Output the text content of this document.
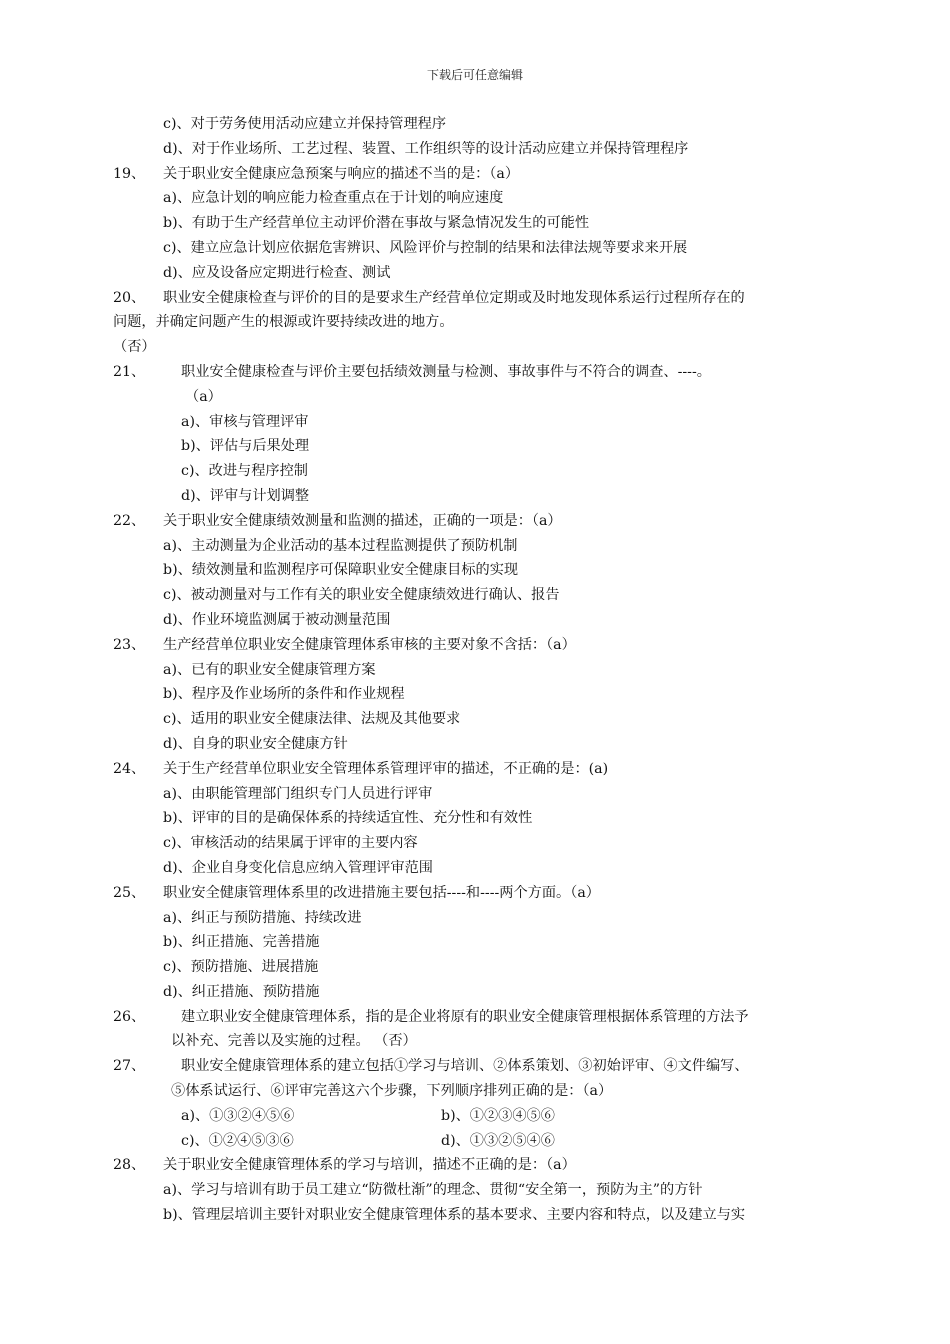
下载后可任意编辑
c)、对于劳务使用活动应建立并保持管理程序
d)、对于作业场所、工艺过程、装置、工作组织等的设计活动应建立并保持管理程序
19、	关于职业安全健康应急预案与响应的描述不当的是：（a）
a)、应急计划的响应能力检查重点在于计划的响应速度
b)、有助于生产经营单位主动评价潜在事故与紧急情况发生的可能性
c)、建立应急计划应依据危害辨识、风险评价与控制的结果和法律法规等要求来开展
d)、应及设备应定期进行检查、测试
20、	职业安全健康检查与评价的目的是要求生产经营单位定期或及时地发现体系运行过程所存在的
问题，并确定问题产生的根源或许要持续改进的地方。
（否）
21、	职业安全健康检查与评价主要包括绩效测量与检测、事故事件与不符合的调查、----。
（a）
a)、审核与管理评审
b)、评估与后果处理
c)、改进与程序控制
d)、评审与计划调整
22、	关于职业安全健康绩效测量和监测的描述，正确的一项是：（a）
a)、主动测量为企业活动的基本过程监测提供了预防机制
b)、绩效测量和监测程序可保障职业安全健康目标的实现
c)、被动测量对与工作有关的职业安全健康绩效进行确认、报告
d)、作业环境监测属于被动测量范围
23、	生产经营单位职业安全健康管理体系审核的主要对象不含括：（a）
a)、已有的职业安全健康管理方案
b)、程序及作业场所的条件和作业规程
c)、适用的职业安全健康法律、法规及其他要求
d)、自身的职业安全健康方针
24、	关于生产经营单位职业安全管理体系管理评审的描述，不正确的是：(a)
a)、由职能管理部门组织专门人员进行评审
b)、评审的目的是确保体系的持续适宜性、充分性和有效性
c)、审核活动的结果属于评审的主要内容
d)、企业自身变化信息应纳入管理评审范围
25、	职业安全健康管理体系里的改进措施主要包括----和----两个方面。（a）
a)、纠正与预防措施、持续改进
b)、纠正措施、完善措施
c)、预防措施、进展措施
d)、纠正措施、预防措施
26、	建立职业安全健康管理体系，指的是企业将原有的职业安全健康管理根据体系管理的方法予
以补充、完善以及实施的过程。 （否）
27、	职业安全健康管理体系的建立包括①学习与培训、②体系策划、③初始评审、④文件编写、
⑤体系试运行、⑥评审完善这六个步骤，下列顺序排列正确的是：（a）
a)、①③②④⑤⑥	b)、①②③④⑤⑥
c)、①②④⑤③⑥	d)、①③②⑤④⑥
28、	关于职业安全健康管理体系的学习与培训，描述不正确的是：（a）
a)、学习与培训有助于员工建立“防微杜渐”的理念、贯彻“安全第一，预防为主”的方针
b)、管理层培训主要针对职业安全健康管理体系的基本要求、主要内容和特点，以及建立与实
